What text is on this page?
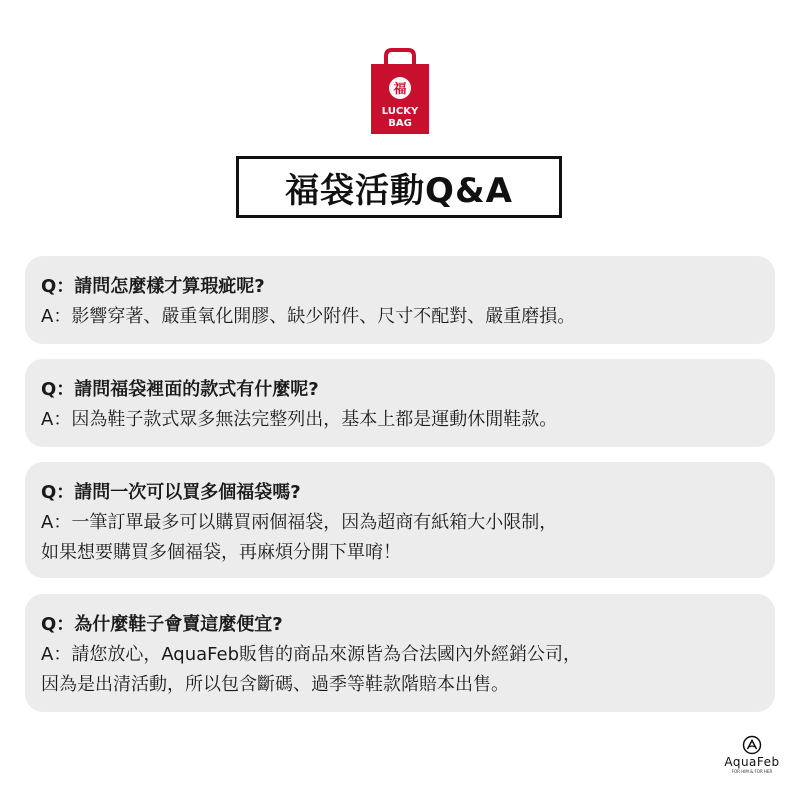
福
LUCKY
BAG
福袋活動Q&A
Q：請問怎麼樣才算瑕疵呢?
A：影響穿著、嚴重氧化開膠、缺少附件、尺寸不配對、嚴重磨損。
Q：請問福袋裡面的款式有什麼呢?
A：因為鞋子款式眾多無法完整列出，基本上都是運動休閒鞋款。
Q：請問一次可以買多個福袋嗎?
A：一筆訂單最多可以購買兩個福袋，因為超商有紙箱大小限制，
如果想要購買多個福袋，再麻煩分開下單唷！
Q：為什麼鞋子會賣這麼便宜?
A：請您放心，AquaFeb販售的商品來源皆為合法國內外經銷公司，
因為是出清活動，所以包含斷碼、過季等鞋款階賠本出售。
AquaFeb
FOR HIM & FOR HER
